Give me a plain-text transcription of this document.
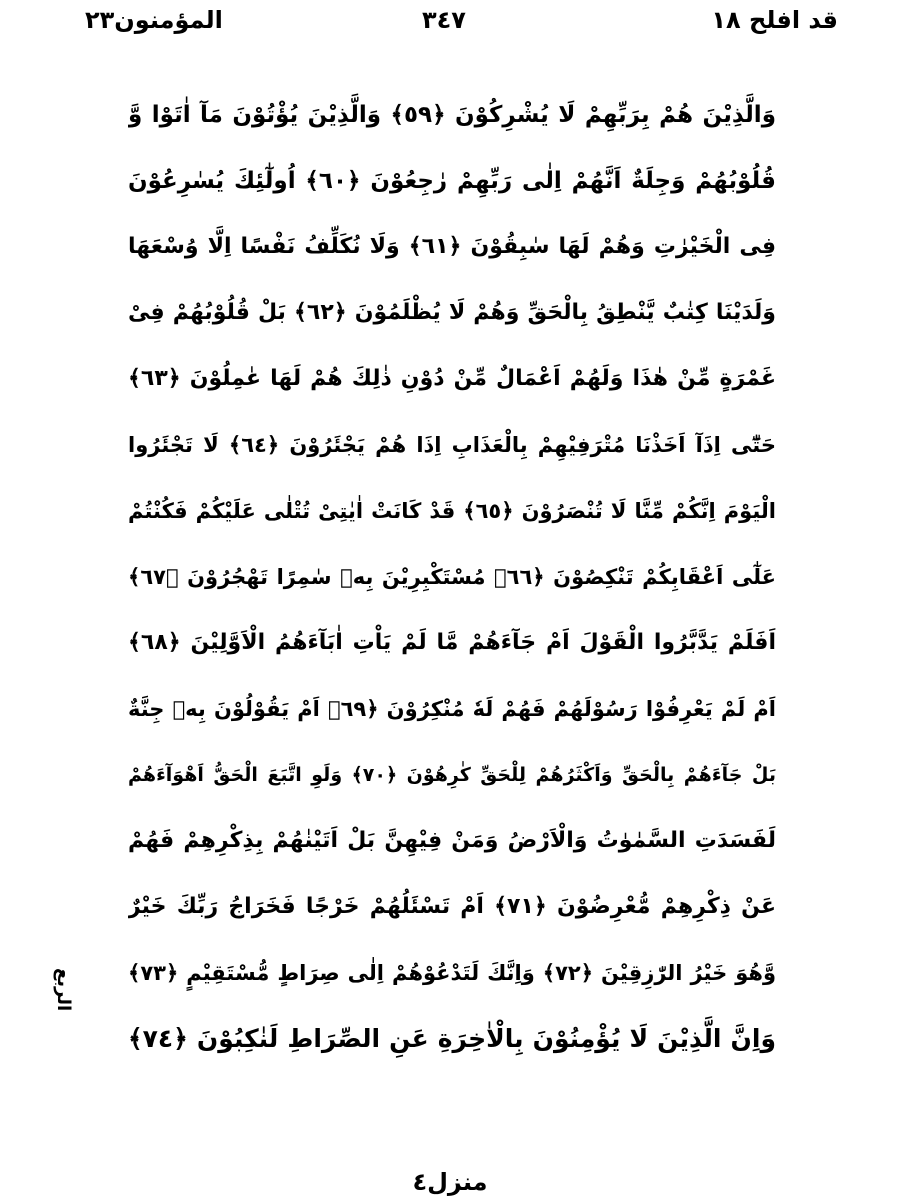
المؤمنون٢٣	٣٤٧	قد افلح ١٨
وَالَّذِيْنَ هُمْ بِرَبِّهِمْ لَا يُشْرِكُوْنَ ﴿٥٩﴾ وَالَّذِيْنَ يُؤْتُوْنَ مَآ اٰتَوْا وَّ
قُلُوْبُهُمْ وَجِلَةٌ اَنَّهُمْ اِلٰى رَبِّهِمْ رٰجِعُوْنَ ﴿٦٠﴾ اُولٰٓئِكَ يُسٰرِعُوْنَ
فِى الْخَيْرٰتِ وَهُمْ لَهَا سٰبِقُوْنَ ﴿٦١﴾ وَلَا نُكَلِّفُ نَفْسًا اِلَّا وُسْعَهَا
وَلَدَيْنَا كِتٰبٌ يَّنْطِقُ بِالْحَقِّ وَهُمْ لَا يُظْلَمُوْنَ ﴿٦٢﴾ بَلْ قُلُوْبُهُمْ فِىْ
غَمْرَةٍ مِّنْ هٰذَا وَلَهُمْ اَعْمَالٌ مِّنْ دُوْنِ ذٰلِكَ هُمْ لَهَا عٰمِلُوْنَ ﴿٦٣﴾
حَتّٰٓى اِذَآ اَخَذْنَا مُتْرَفِيْهِمْ بِالْعَذَابِ اِذَا هُمْ يَجْئَرُوْنَ ﴿٦٤﴾ لَا تَجْئَرُوا
الْيَوْمَ اِنَّكُمْ مِّنَّا لَا تُنْصَرُوْنَ ﴿٦٥﴾ قَدْ كَانَتْ اٰيٰتِىْ تُتْلٰى عَلَيْكُمْ فَكُنْتُمْ
عَلٰٓى اَعْقَابِكُمْ تَنْكِصُوْنَ ﴿٦٦﴾ مُسْتَكْبِرِيْنَ بِهٖ سٰمِرًا تَهْجُرُوْنَ ﴿٦٧﴾
اَفَلَمْ يَدَّبَّرُوا الْقَوْلَ اَمْ جَآءَهُمْ مَّا لَمْ يَاْتِ اٰبَآءَهُمُ الْاَوَّلِيْنَ ﴿٦٨﴾
اَمْ لَمْ يَعْرِفُوْا رَسُوْلَهُمْ فَهُمْ لَهٗ مُنْكِرُوْنَ ﴿٦٩﴾ اَمْ يَقُوْلُوْنَ بِهٖ جِنَّةٌ
بَلْ جَآءَهُمْ بِالْحَقِّ وَاَكْثَرُهُمْ لِلْحَقِّ كٰرِهُوْنَ ﴿٧٠﴾ وَلَوِ اتَّبَعَ الْحَقُّ اَهْوَآءَهُمْ
لَفَسَدَتِ السَّمٰوٰتُ وَالْاَرْضُ وَمَنْ فِيْهِنَّ بَلْ اَتَيْنٰهُمْ بِذِكْرِهِمْ فَهُمْ
عَنْ ذِكْرِهِمْ مُّعْرِضُوْنَ ﴿٧١﴾ اَمْ تَسْئَلُهُمْ خَرْجًا فَخَرَاجُ رَبِّكَ خَيْرٌ
وَّهُوَ خَيْرُ الرّٰزِقِيْنَ ﴿٧٢﴾ وَاِنَّكَ لَتَدْعُوْهُمْ اِلٰى صِرَاطٍ مُّسْتَقِيْمٍ ﴿٧٣﴾
وَاِنَّ الَّذِيْنَ لَا يُؤْمِنُوْنَ بِالْاٰخِرَةِ عَنِ الصِّرَاطِ لَنٰكِبُوْنَ ﴿٧٤﴾
الربع
منزل٤
